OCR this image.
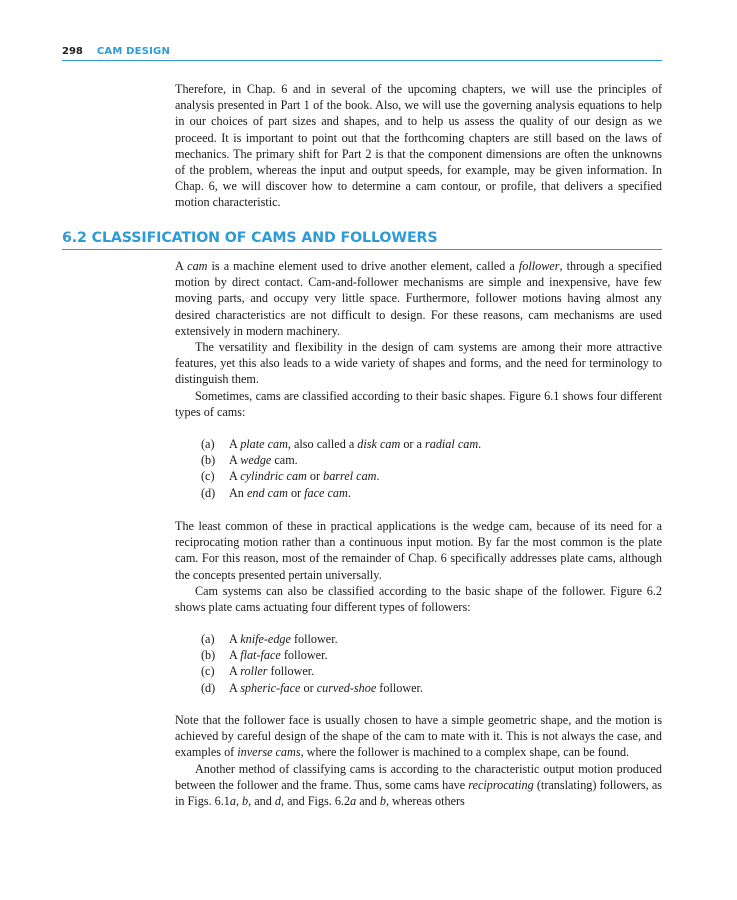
298 CAM DESIGN

Therefore, in Chap. 6 and in several of the upcoming chapters, we will use the principles of analysis presented in Part 1 of the book. Also, we will use the governing analysis equations to help in our choices of part sizes and shapes, and to help us assess the quality of our design as we proceed. It is important to point out that the forthcoming chapters are still based on the laws of mechanics. The primary shift for Part 2 is that the component dimensions are often the unknowns of the problem, whereas the input and output speeds, for example, may be given information. In Chap. 6, we will discover how to determine a cam contour, or profile, that delivers a specified motion characteristic.

6.2 CLASSIFICATION OF CAMS AND FOLLOWERS

A cam is a machine element used to drive another element, called a follower, through a specified motion by direct contact. Cam-and-follower mechanisms are simple and inexpensive, have few moving parts, and occupy very little space. Furthermore, follower motions having almost any desired characteristics are not difficult to design. For these reasons, cam mechanisms are used extensively in modern machinery.

The versatility and flexibility in the design of cam systems are among their more attractive features, yet this also leads to a wide variety of shapes and forms, and the need for terminology to distinguish them.

Sometimes, cams are classified according to their basic shapes. Figure 6.1 shows four different types of cams:

(a)	A plate cam, also called a disk cam or a radial cam.
(b)	A wedge cam.
(c)	A cylindric cam or barrel cam.
(d)	An end cam or face cam.

The least common of these in practical applications is the wedge cam, because of its need for a reciprocating motion rather than a continuous input motion. By far the most common is the plate cam. For this reason, most of the remainder of Chap. 6 specifically addresses plate cams, although the concepts presented pertain universally.

Cam systems can also be classified according to the basic shape of the follower. Figure 6.2 shows plate cams actuating four different types of followers:

(a)	A knife-edge follower.
(b)	A flat-face follower.
(c)	A roller follower.
(d)	A spheric-face or curved-shoe follower.

Note that the follower face is usually chosen to have a simple geometric shape, and the motion is achieved by careful design of the shape of the cam to mate with it. This is not always the case, and examples of inverse cams, where the follower is machined to a complex shape, can be found.

Another method of classifying cams is according to the characteristic output motion produced between the follower and the frame. Thus, some cams have reciprocating (translating) followers, as in Figs. 6.1a, b, and d, and Figs. 6.2a and b, whereas others
